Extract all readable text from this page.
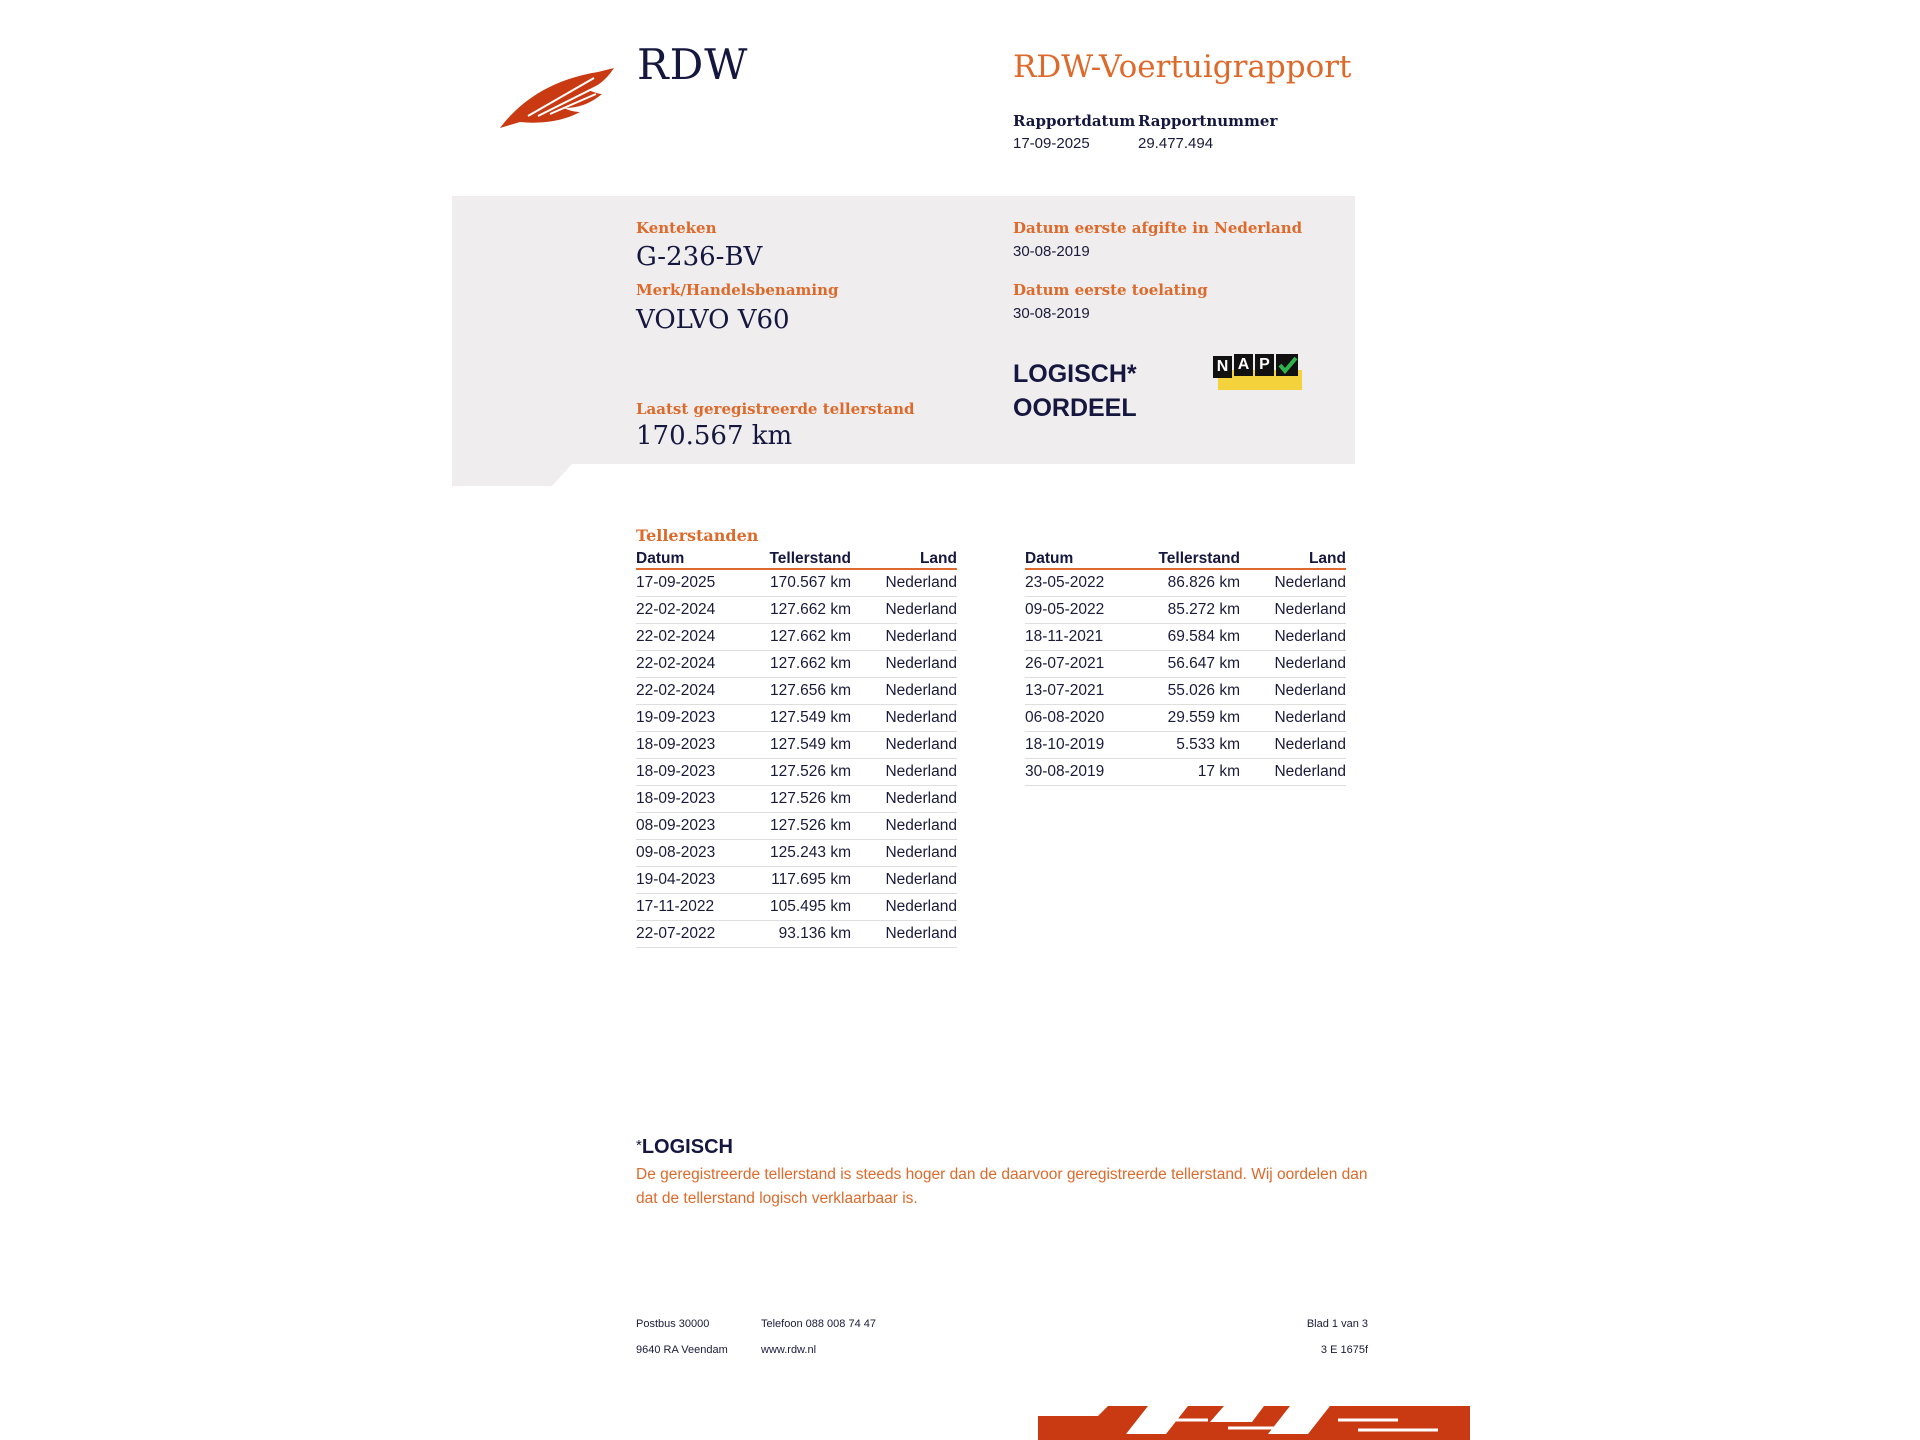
RDW	RDW-Voertuigrapport
Rapportdatum Rapportnummer
17-09-2025	29.477.494
Kenteken
G-236-BV
Merk/Handelsbenaming
VOLVO V60
Laatst geregistreerde tellerstand
170.567 km
Datum eerste afgifte in Nederland
30-08-2019
Datum eerste toelating
30-08-2019
LOGISCH*
OORDEEL
N A P
Tellerstanden
Datum	Tellerstand	Land
17-09-2025	170.567 km	Nederland
22-02-2024	127.662 km	Nederland
22-02-2024	127.662 km	Nederland
22-02-2024	127.662 km	Nederland
22-02-2024	127.656 km	Nederland
19-09-2023	127.549 km	Nederland
18-09-2023	127.549 km	Nederland
18-09-2023	127.526 km	Nederland
18-09-2023	127.526 km	Nederland
08-09-2023	127.526 km	Nederland
09-08-2023	125.243 km	Nederland
19-04-2023	117.695 km	Nederland
17-11-2022	105.495 km	Nederland
22-07-2022	93.136 km	Nederland
Datum	Tellerstand	Land
23-05-2022	86.826 km	Nederland
09-05-2022	85.272 km	Nederland
18-11-2021	69.584 km	Nederland
26-07-2021	56.647 km	Nederland
13-07-2021	55.026 km	Nederland
06-08-2020	29.559 km	Nederland
18-10-2019	5.533 km	Nederland
30-08-2019	17 km	Nederland
*LOGISCH
De geregistreerde tellerstand is steeds hoger dan de daarvoor geregistreerde tellerstand. Wij oordelen dan dat de tellerstand logisch verklaarbaar is.
Postbus 30000
9640 RA Veendam
Telefoon 088 008 74 47
www.rdw.nl
Blad 1 van 3
3 E 1675f
